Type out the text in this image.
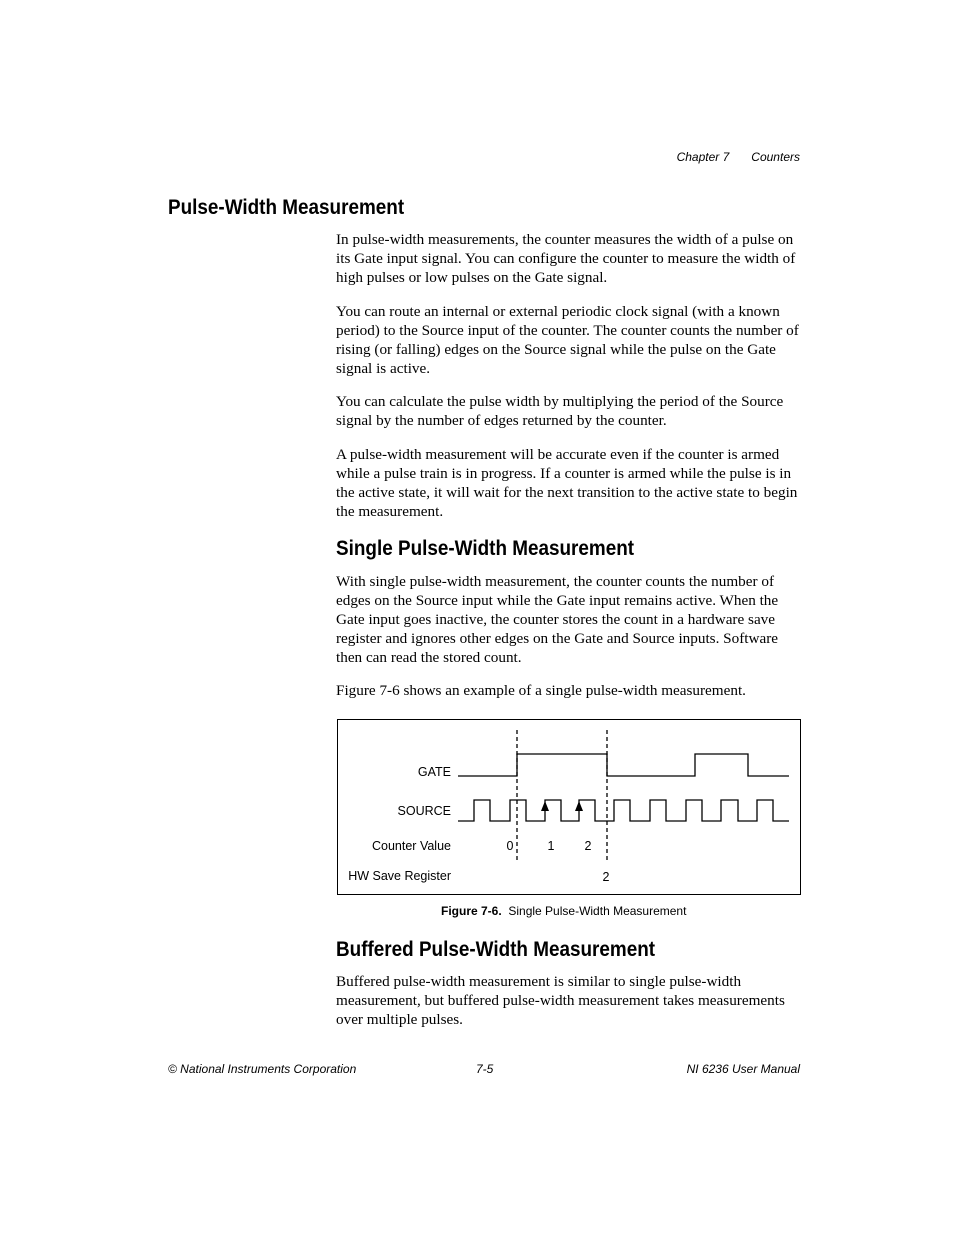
Chapter 7 Counters
Pulse-Width Measurement

In pulse-width measurements, the counter measures the width of a pulse on its Gate input signal. You can configure the counter to measure the width of high pulses or low pulses on the Gate signal.

You can route an internal or external periodic clock signal (with a known period) to the Source input of the counter. The counter counts the number of rising (or falling) edges on the Source signal while the pulse on the Gate signal is active.

You can calculate the pulse width by multiplying the period of the Source signal by the number of edges returned by the counter.

A pulse-width measurement will be accurate even if the counter is armed while a pulse train is in progress. If a counter is armed while the pulse is in the active state, it will wait for the next transition to the active state to begin the measurement.

Single Pulse-Width Measurement

With single pulse-width measurement, the counter counts the number of edges on the Source input while the Gate input remains active. When the Gate input goes inactive, the counter stores the count in a hardware save register and ignores other edges on the Gate and Source inputs. Software then can read the stored count.

Figure 7-6 shows an example of a single pulse-width measurement.

GATE
SOURCE
Counter Value
HW Save Register
0	1 2
2
Figure 7-6. Single Pulse-Width Measurement
Buffered Pulse-Width Measurement

Buffered pulse-width measurement is similar to single pulse-width measurement, but buffered pulse-width measurement takes measurements over multiple pulses.

© National Instruments Corporation	7-5	NI 6236 User Manual
